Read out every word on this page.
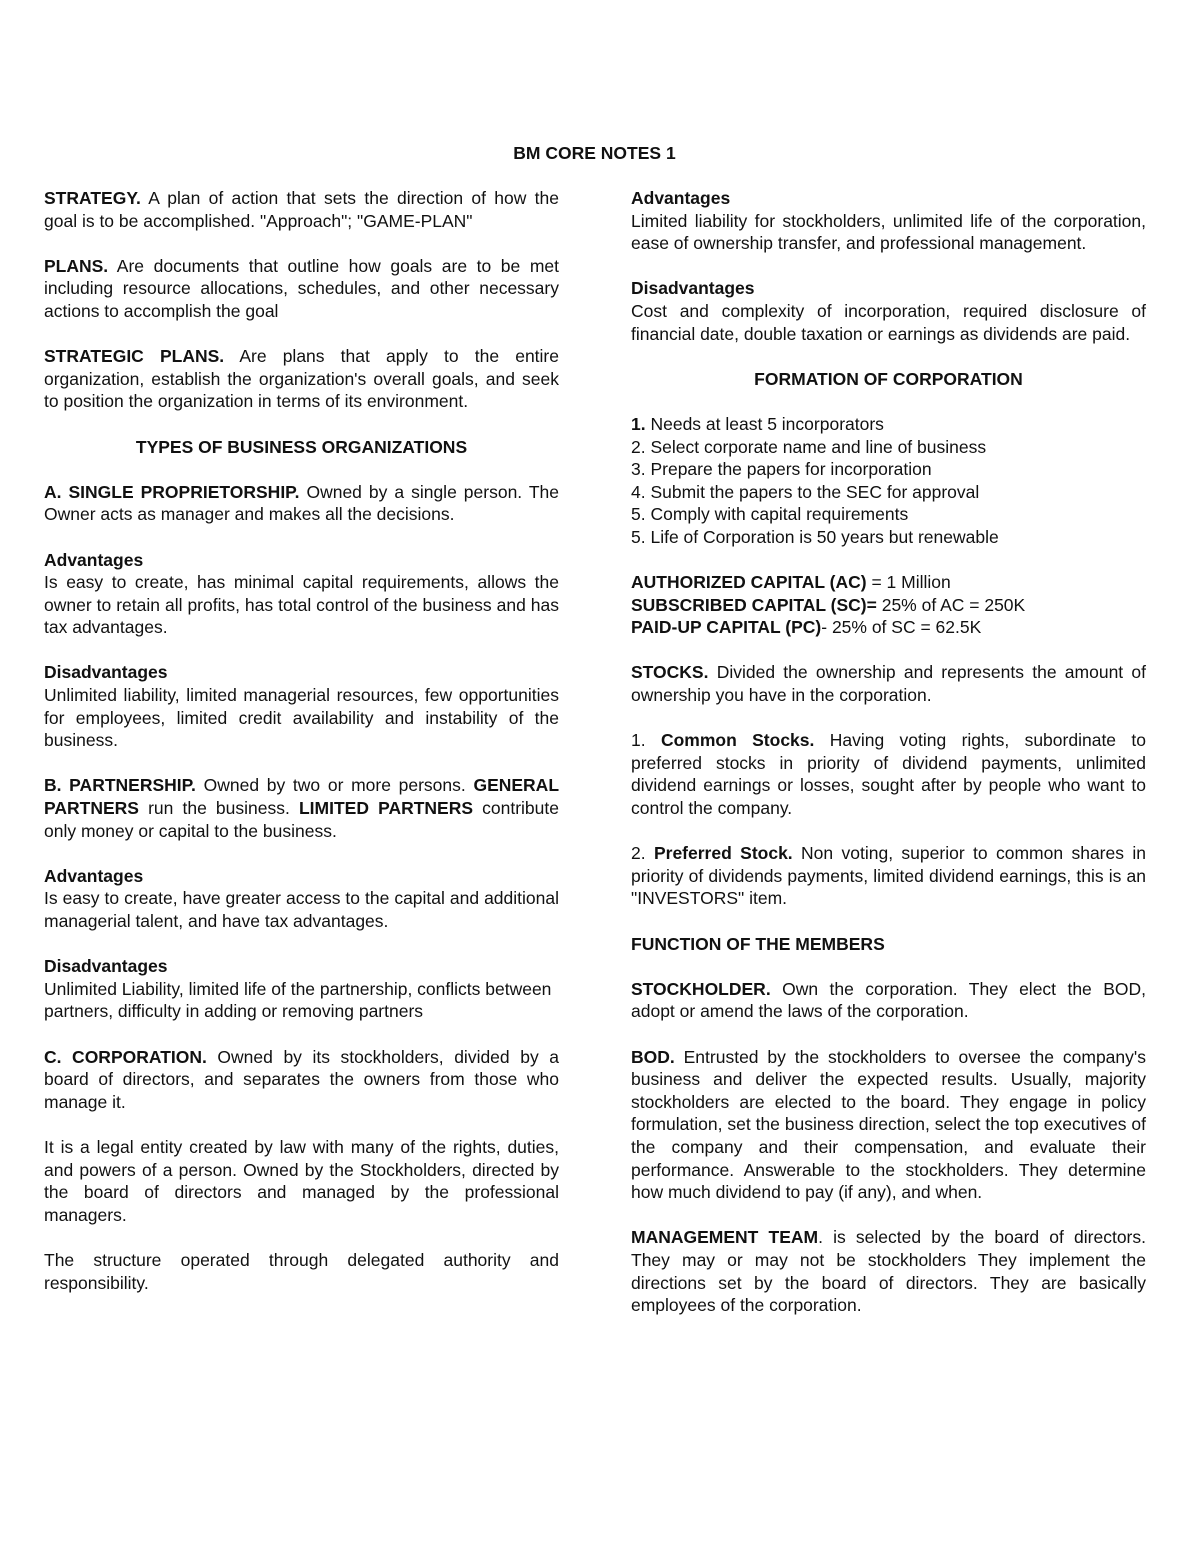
BM CORE NOTES 1

STRATEGY. A plan of action that sets the direction of how the goal is to be accomplished. "Approach"; "GAME-PLAN"

PLANS. Are documents that outline how goals are to be met including resource allocations, schedules, and other necessary actions to accomplish the goal

STRATEGIC PLANS. Are plans that apply to the entire organization, establish the organization's overall goals, and seek to position the organization in terms of its environment.

TYPES OF BUSINESS ORGANIZATIONS

A. SINGLE PROPRIETORSHIP. Owned by a single person. The Owner acts as manager and makes all the decisions.

Advantages

Is easy to create, has minimal capital requirements, allows the owner to retain all profits, has total control of the business and has tax advantages.

Disadvantages

Unlimited liability, limited managerial resources, few opportunities for employees, limited credit availability and instability of the business.

B. PARTNERSHIP. Owned by two or more persons. GENERAL PARTNERS run the business. LIMITED PARTNERS contribute only money or capital to the business.

Advantages

Is easy to create, have greater access to the capital and additional managerial talent, and have tax advantages.

Disadvantages

Unlimited Liability, limited life of the partnership, conflicts between partners, difficulty in adding or removing partners

C. CORPORATION. Owned by its stockholders, divided by a board of directors, and separates the owners from those who manage it.

It is a legal entity created by law with many of the rights, duties, and powers of a person. Owned by the Stockholders, directed by the board of directors and managed by the professional managers.

The structure operated through delegated authority and responsibility.

Advantages

Limited liability for stockholders, unlimited life of the corporation, ease of ownership transfer, and professional management.

Disadvantages

Cost and complexity of incorporation, required disclosure of financial date, double taxation or earnings as dividends are paid.

FORMATION OF CORPORATION

1. Needs at least 5 incorporators
2. Select corporate name and line of business
3. Prepare the papers for incorporation
4. Submit the papers to the SEC for approval
5. Comply with capital requirements
5. Life of Corporation is 50 years but renewable
AUTHORIZED CAPITAL (AC) = 1 Million
SUBSCRIBED CAPITAL (SC)= 25% of AC = 250K
PAID-UP CAPITAL (PC)- 25% of SC = 62.5K

STOCKS. Divided the ownership and represents the amount of ownership you have in the corporation.

1. Common Stocks. Having voting rights, subordinate to preferred stocks in priority of dividend payments, unlimited dividend earnings or losses, sought after by people who want to control the company.

2. Preferred Stock. Non voting, superior to common shares in priority of dividends payments, limited dividend earnings, this is an "INVESTORS" item.

FUNCTION OF THE MEMBERS

STOCKHOLDER. Own the corporation. They elect the BOD, adopt or amend the laws of the corporation.

BOD. Entrusted by the stockholders to oversee the company's business and deliver the expected results. Usually, majority stockholders are elected to the board. They engage in policy formulation, set the business direction, select the top executives of the company and their compensation, and evaluate their performance. Answerable to the stockholders. They determine how much dividend to pay (if any), and when.

MANAGEMENT TEAM. is selected by the board of directors. They may or may not be stockholders They implement the directions set by the board of directors. They are basically employees of the corporation.
